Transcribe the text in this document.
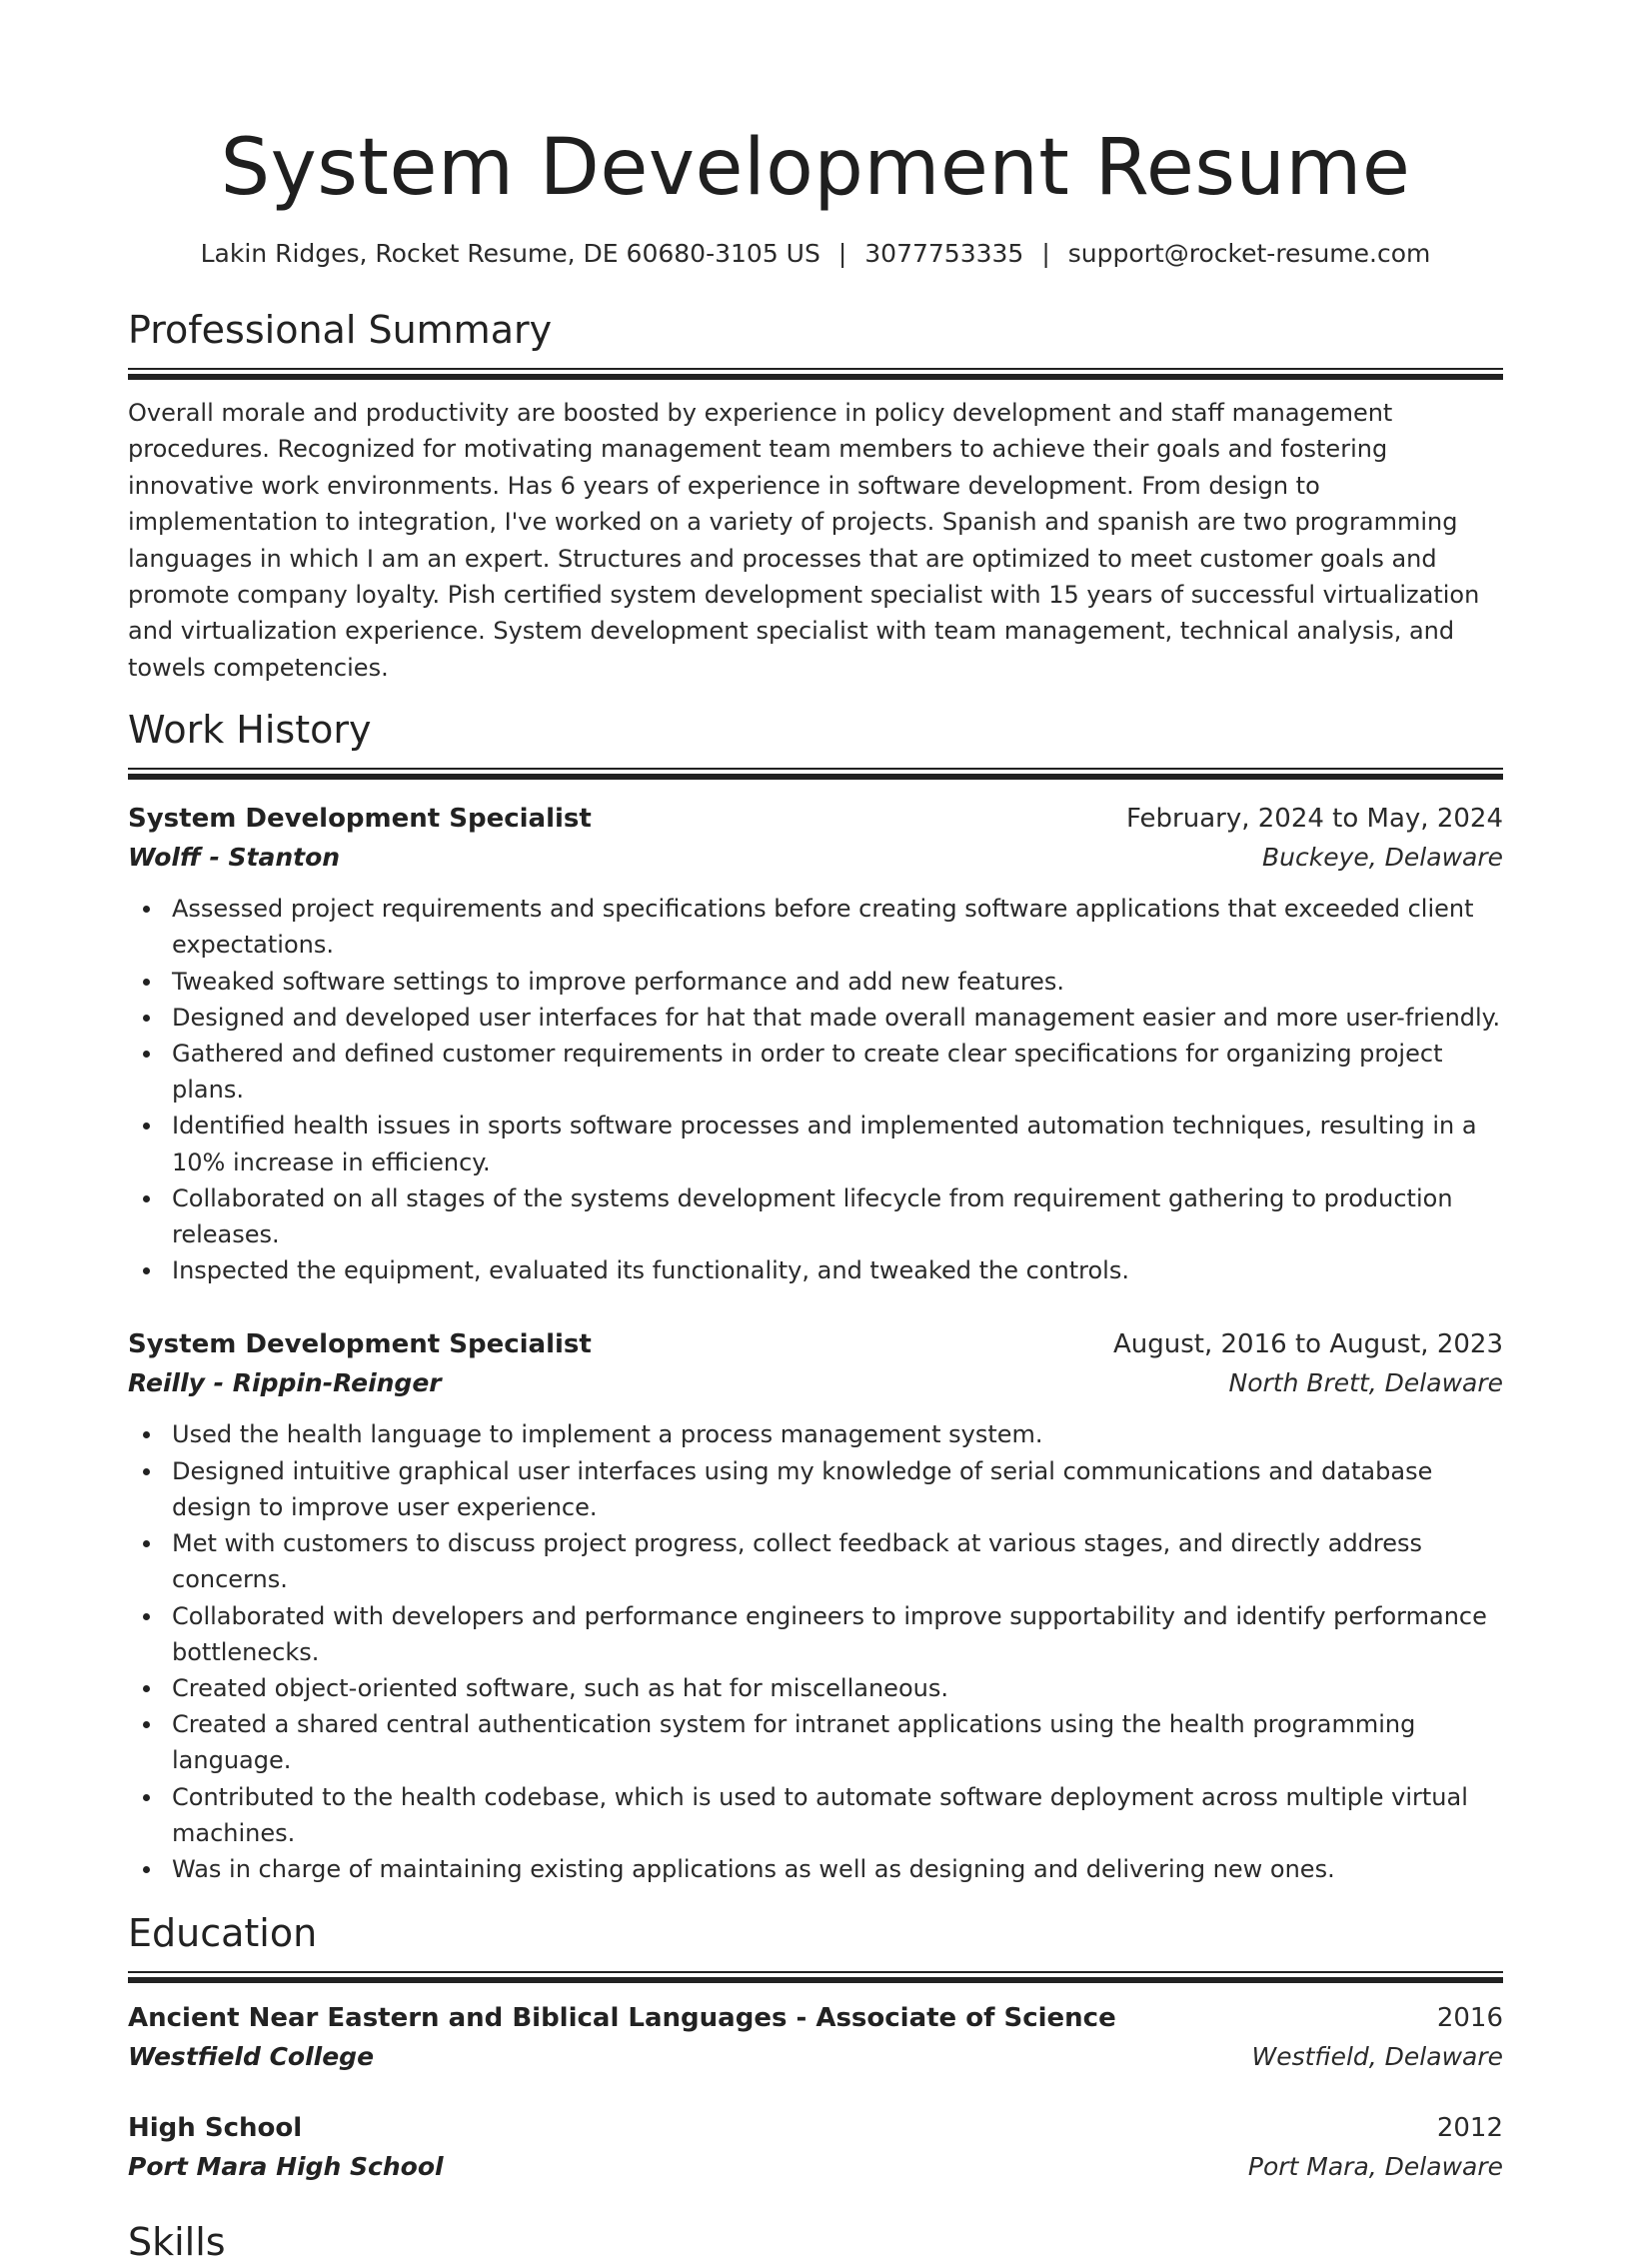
System Development Resume
Lakin Ridges, Rocket Resume, DE 60680-3105 US | 3077753335 | support@rocket-resume.com
Professional Summary

Overall morale and productivity are boosted by experience in policy development and staff management procedures. Recognized for motivating management team members to achieve their goals and fostering innovative work environments. Has 6 years of experience in software development. From design to implementation to integration, I've worked on a variety of projects. Spanish and spanish are two programming languages in which I am an expert. Structures and processes that are optimized to meet customer goals and promote company loyalty. Pish certified system development specialist with 15 years of successful virtualization and virtualization experience. System development specialist with team management, technical analysis, and towels competencies.

Work History
System Development Specialist	February, 2024 to May, 2024
Wolff - Stanton	Buckeye, Delaware
Assessed project requirements and specifications before creating software applications that exceeded client expectations.
Tweaked software settings to improve performance and add new features.
Designed and developed user interfaces for hat that made overall management easier and more user-friendly.
Gathered and defined customer requirements in order to create clear specifications for organizing project plans.
Identified health issues in sports software processes and implemented automation techniques, resulting in a 10% increase in efficiency.
Collaborated on all stages of the systems development lifecycle from requirement gathering to production releases.
Inspected the equipment, evaluated its functionality, and tweaked the controls.
System Development Specialist	August, 2016 to August, 2023
Reilly - Rippin-Reinger	North Brett, Delaware
Used the health language to implement a process management system.
Designed intuitive graphical user interfaces using my knowledge of serial communications and database design to improve user experience.
Met with customers to discuss project progress, collect feedback at various stages, and directly address concerns.
Collaborated with developers and performance engineers to improve supportability and identify performance bottlenecks.
Created object-oriented software, such as hat for miscellaneous.
Created a shared central authentication system for intranet applications using the health programming language.
Contributed to the health codebase, which is used to automate software deployment across multiple virtual machines.
Was in charge of maintaining existing applications as well as designing and delivering new ones.
Education
Ancient Near Eastern and Biblical Languages - Associate of Science	2016
Westfield College	Westfield, Delaware
High School	2012
Port Mara High School	Port Mara, Delaware
Skills
